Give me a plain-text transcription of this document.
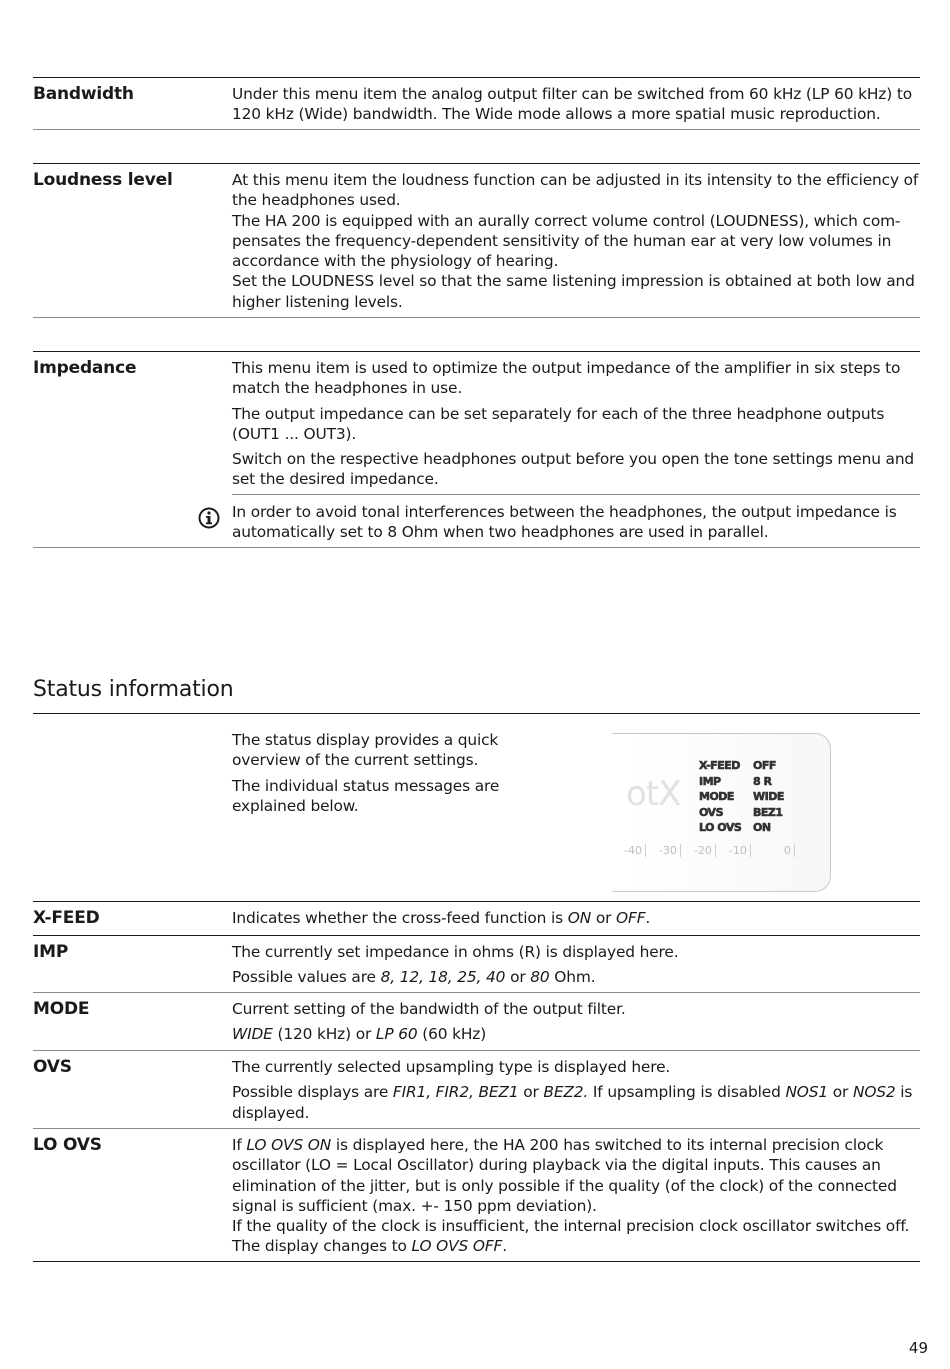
Bandwidth	Under this menu item the analog output filter can be switched from 60 kHz (LP 60 kHz) to 120 kHz (Wide) bandwidth. The Wide mode allows a more spatial music reproduction.

Loudness level	At this menu item the loudness function can be adjusted in its intensity to the efficiency of the headphones used.

The HA 200 is equipped with an aurally correct volume control (LOUDNESS), which com-pensates the frequency-dependent sensitivity of the human ear at very low volumes in accordance with the physiology of hearing.

Set the LOUDNESS level so that the same listening impression is obtained at both low and higher listening levels.

Impedance	This menu item is used to optimize the output impedance of the amplifier in six steps to match the headphones in use.

The output impedance can be set separately for each of the three headphone outputs (OUT1 ... OUT3).

Switch on the respective headphones output before you open the tone settings menu and set the desired impedance.

In order to avoid tonal interferences between the headphones, the output impedance is automatically set to 8 Ohm when two headphones are used in parallel.

Status information

The status display provides a quick overview of the current settings.

The individual status messages are explained below.	otX
X-FEED	OFF
IMP	8 R
MODE	WIDE
OVS	BEZ1
LO OVS	ON
-40	-30	-20	-10	0
X-FEED	Indicates whether the cross-feed function is ON or OFF.

IMP	The currently set impedance in ohms (R) is displayed here.

Possible values are 8, 12, 18, 25, 40 or 80 Ohm.

MODE	Current setting of the bandwidth of the output filter.

WIDE (120 kHz) or LP 60 (60 kHz)

OVS	The currently selected upsampling type is displayed here.

Possible displays are FIR1, FIR2, BEZ1 or BEZ2. If upsampling is disabled NOS1 or NOS2 is displayed.

LO OVS	If LO OVS ON is displayed here, the HA 200 has switched to its internal precision clock oscillator (LO = Local Oscillator) during playback via the digital inputs. This causes an elimination of the jitter, but is only possible if the quality (of the clock) of the connected signal is sufficient (max. +- 150 ppm deviation).

If the quality of the clock is insufficient, the internal precision clock oscillator switches off. The display changes to LO OVS OFF.

49
